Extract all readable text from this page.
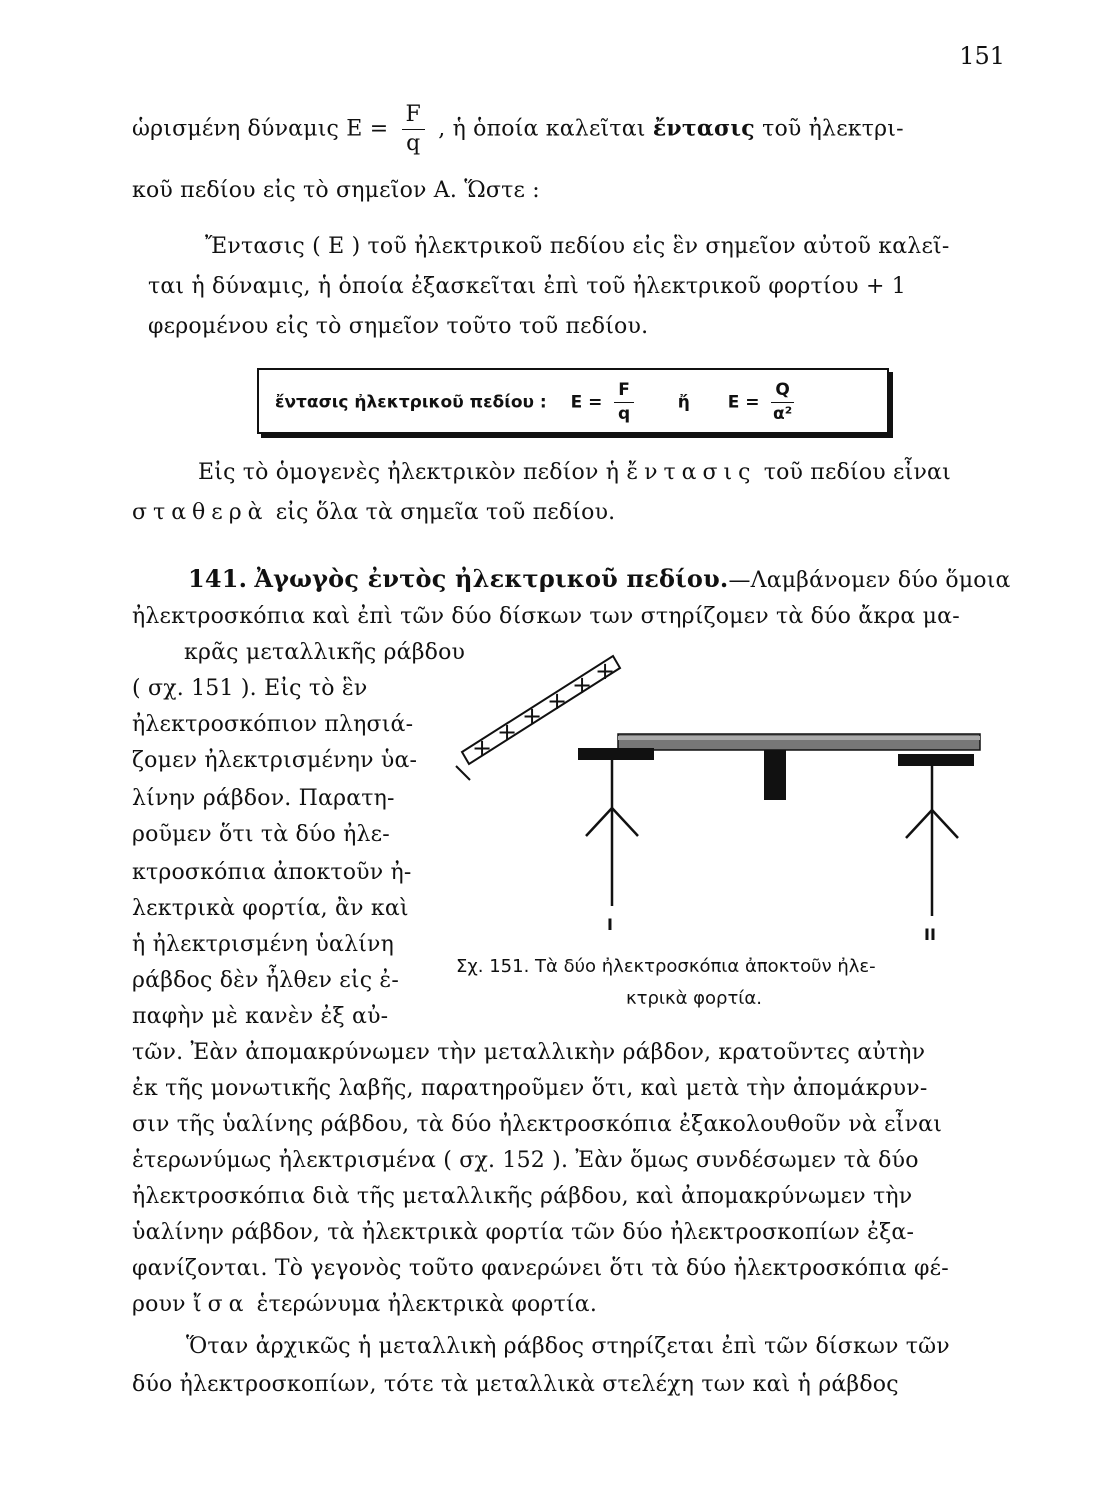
151
ὡρισμένη δύναμις $E = \frac{F}{q}$ , ἡ ὁποία καλεῖται ἔντασις τοῦ ἠλεκτρι-
κοῦ πεδίου εἰς τὸ σημεῖον A. Ὥστε :
Ἔντασις ( E ) τοῦ ἠλεκτρικοῦ πεδίου εἰς ἓν σημεῖον αὐτοῦ καλεῖ-
ται ἡ δύναμις, ἡ ὁποία ἐξασκεῖται ἐπὶ τοῦ ἠλεκτρικοῦ φορτίου + 1
φερομένου εἰς τὸ σημεῖον τοῦτο τοῦ πεδίου.
ἔντασις ἠλεκτρικοῦ πεδίου : $E = \frac{F}{q}$	ἤ $E = \frac{Q}{\text{α²}}$
Εἰς τὸ ὁμογενὲς ἠλεκτρικὸν πεδίον ἡ ἔντασις τοῦ πεδίου εἶναι
σταθερὰ εἰς ὅλα τὰ σημεῖα τοῦ πεδίου.
141. Ἀγωγὸς ἐντὸς ἠλεκτρικοῦ πεδίου.—Λαμβάνομεν δύο ὅμοια
ἠλεκτροσκόπια καὶ ἐπὶ τῶν δύο δίσκων των στηρίζομεν τὰ δύο ἄκρα μα-
κρᾶς μεταλλικῆς ράβδου
( σχ. 151 ). Εἰς τὸ ἓν
ἠλεκτροσκόπιον πλησιά-
ζομεν ἠλεκτρισμένην ὑα-
λίνην ράβδον. Παρατη-
ροῦμεν ὅτι τὰ δύο ἠλε-
κτροσκόπια ἀποκτοῦν ἠ-
λεκτρικὰ φορτία, ἂν καὶ
ἡ ἠλεκτρισμένη ὑαλίνη
ράβδος δὲν ἦλθεν εἰς ἐ-
παφὴν μὲ κανὲν ἐξ αὐ-
+
+
+
+
+ +
I
II
Σχ. 151. Τὰ δύο ἠλεκτροσκόπια ἀποκτοῦν ἠλε-
κτρικὰ φορτία.
τῶν. Ἐὰν ἀπομακρύνωμεν τὴν μεταλλικὴν ράβδον, κρατοῦντες αὐτὴν
ἐκ τῆς μονωτικῆς λαβῆς, παρατηροῦμεν ὅτι, καὶ μετὰ τὴν ἀπομάκρυν-
σιν τῆς ὑαλίνης ράβδου, τὰ δύο ἠλεκτροσκόπια ἐξακολουθοῦν νὰ εἶναι
ἑτερωνύμως ἠλεκτρισμένα ( σχ. 152 ). Ἐὰν ὅμως συνδέσωμεν τὰ δύο
ἠλεκτροσκόπια διὰ τῆς μεταλλικῆς ράβδου, καὶ ἀπομακρύνωμεν τὴν
ὑαλίνην ράβδον, τὰ ἠλεκτρικὰ φορτία τῶν δύο ἠλεκτροσκοπίων ἐξα-
φανίζονται. Τὸ γεγονὸς τοῦτο φανερώνει ὅτι τὰ δύο ἠλεκτροσκόπια φέ-
ρουν ἴσα ἑτερώνυμα ἠλεκτρικὰ φορτία.
Ὅταν ἀρχικῶς ἡ μεταλλικὴ ράβδος στηρίζεται ἐπὶ τῶν δίσκων τῶν
δύο ἠλεκτροσκοπίων, τότε τὰ μεταλλικὰ στελέχη των καὶ ἡ ράβδος
